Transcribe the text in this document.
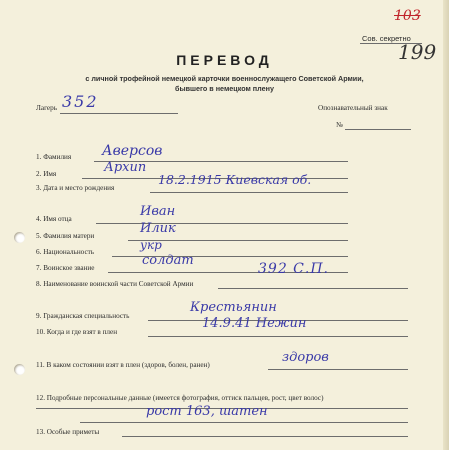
103
Сов. секретно
199
ПЕРЕВОД
с личной трофейной немецкой карточки военнослужащего Советской Армии,
бывшего в немецком плену
Лагерь 352	Опознавательный знак
№
1. Фамилия Аверсов
2. Имя	Архип
3. Дата и место рождения
18.2.1915 Киевская об.
4. Имя отца	Иван
5. Фамилия матери	Илик
6. Национальность	укр
7. Воинское звание	солдат
8. Наименование воинской части Советской Армии
392 С.П.
9. Гражданская специальность
Крестьянин
10. Когда и где взят в плен
14.9.41 Нежин
11. В каком состоянии взят в плен (здоров, болен, ранен)	здоров
12. Подробные персональные данные (имеется фотография, оттиск пальцев, рост, цвет волос)
рост 163, шатен
13. Особые приметы
